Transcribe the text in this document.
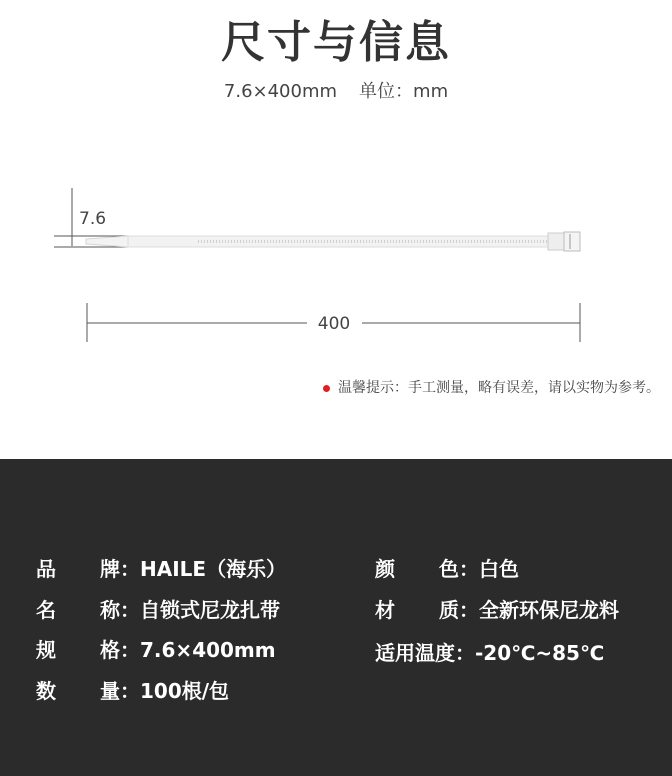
尺寸与信息
7.6×400mm 单位：mm
7.6
400
温馨提示：手工测量，略有误差，请以实物为参考。
品 牌：HAILE（海乐）
名 称：自锁式尼龙扎带
规 格：7.6×400mm
数 量：100根/包
颜 色：白色
材 质：全新环保尼龙料
适用温度：-20℃~85℃
